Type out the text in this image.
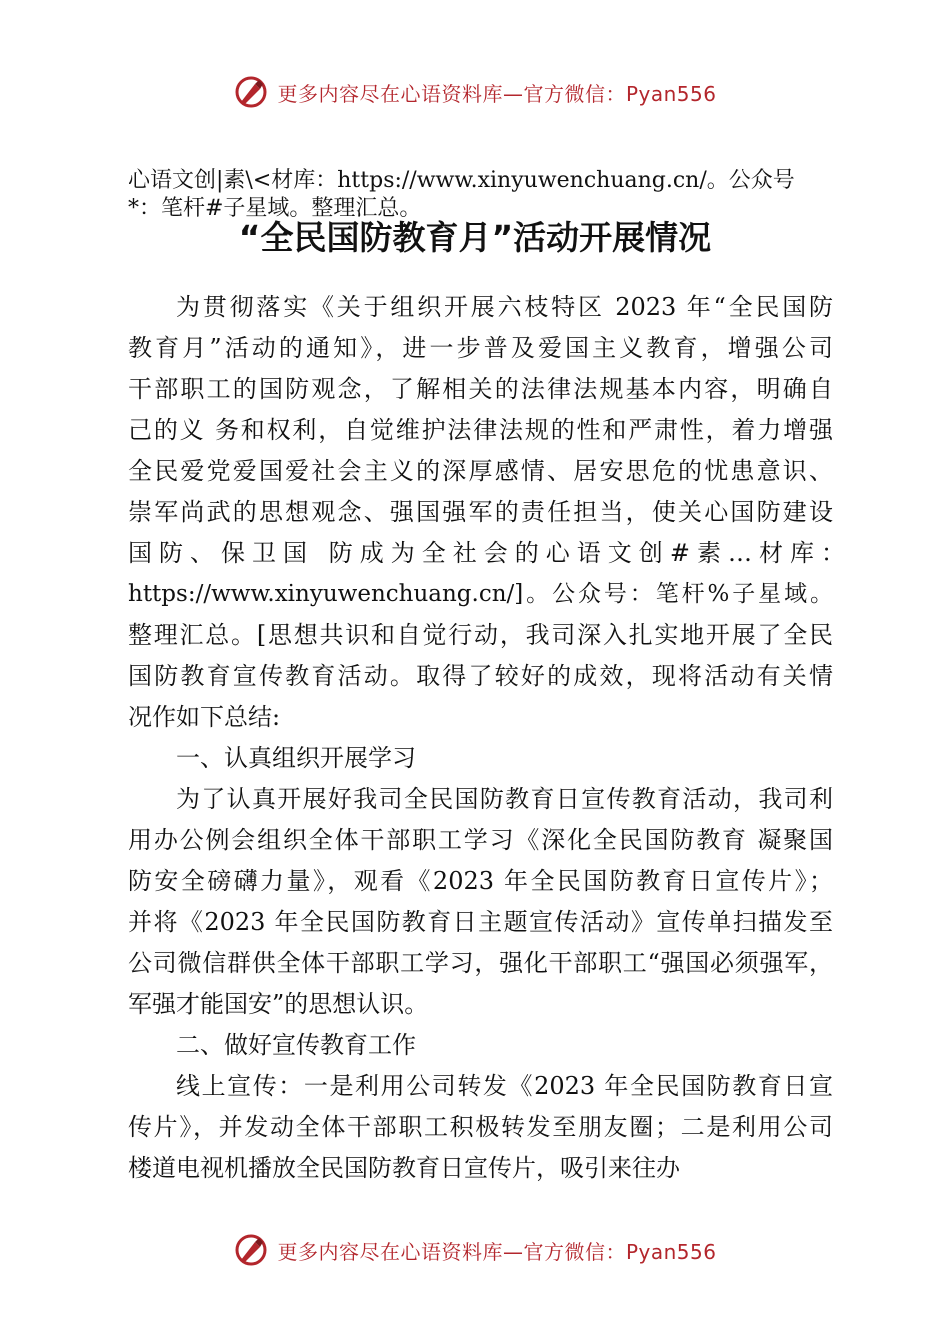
更多内容尽在心语资料库—官方微信：Pyan556
心语文创|素\<材库：https://www.xinyuwenchuang.cn/。公众号
*：笔杆#子星域。整理汇总。
“全民国防教育月”活动开展情况
为贯彻落实《关于组织开展六枝特区 2023 年“全民国防
教育月”活动的通知》，进一步普及爱国主义教育，增强公司
干部职工的国防观念，了解相关的法律法规基本内容，明确自
己的义 务和权利，自觉维护法律法规的性和严肃性，着力增强
全民爱党爱国爱社会主义的深厚感情、居安思危的忧患意识、
崇军尚武的思想观念、强国强军的责任担当，使关心国防建设
国防、保卫国 防成为全社会的心语文创#素…材库：
https://www.xinyuwenchuang.cn/]。公众号：笔杆%子星域。
整理汇总。[思想共识和自觉行动，我司深入扎实地开展了全民
国防教育宣传教育活动。取得了较好的成效，现将活动有关情
况作如下总结:
一、认真组织开展学习
为了认真开展好我司全民国防教育日宣传教育活动，我司利
用办公例会组织全体干部职工学习《深化全民国防教育 凝聚国
防安全磅礴力量》，观看《2023 年全民国防教育日宣传片》；
并将《2023 年全民国防教育日主题宣传活动》宣传单扫描发至
公司微信群供全体干部职工学习，强化干部职工“强国必须强军，
军强才能国安”的思想认识。
二、做好宣传教育工作
线上宣传：一是利用公司转发《2023 年全民国防教育日宣
传片》，并发动全体干部职工积极转发至朋友圈；二是利用公司
楼道电视机播放全民国防教育日宣传片，吸引来往办
更多内容尽在心语资料库—官方微信：Pyan556
